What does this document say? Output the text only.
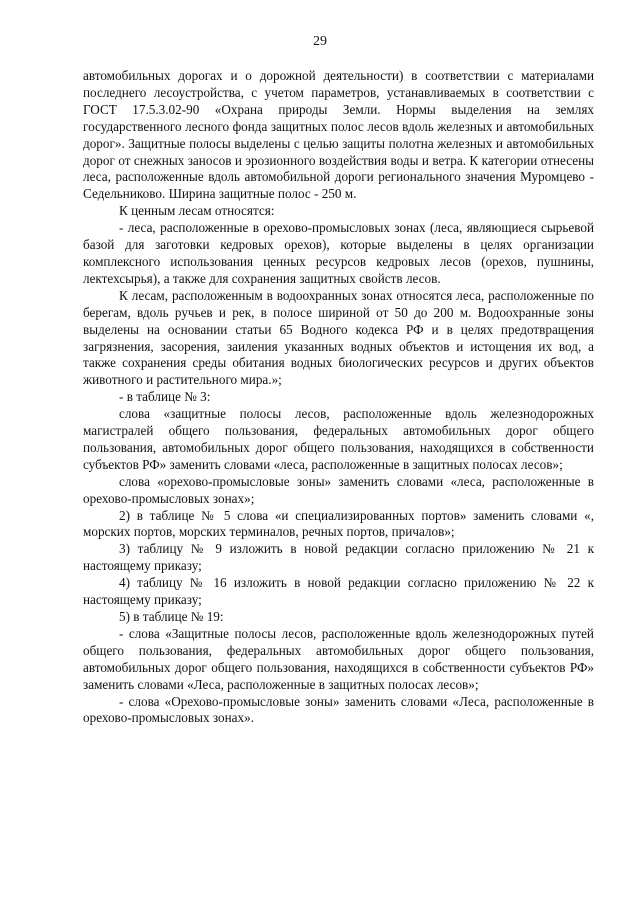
29

автомобильных дорогах и о дорожной деятельности) в соответствии с материалами последнего лесоустройства, с учетом параметров, устанавливаемых в соответствии с ГОСТ 17.5.3.02-90 «Охрана природы Земли. Нормы выделения на землях государственного лесного фонда защитных полос лесов вдоль железных и автомобильных дорог». Защитные полосы выделены с целью защиты полотна железных и автомобильных дорог от снежных заносов и эрозионного воздействия воды и ветра. К категории отнесены леса, расположенные вдоль автомобильной дороги регионального значения Муромцево - Седельниково. Ширина защитные полос - 250 м.

К ценным лесам относятся:

- леса, расположенные в орехово-промысловых зонах (леса, являющиеся сырьевой базой для заготовки кедровых орехов), которые выделены в целях организации комплексного использования ценных ресурсов кедровых лесов (орехов, пушнины, лектехсырья), а также для сохранения защитных свойств лесов.

К лесам, расположенным в водоохранных зонах относятся леса, расположенные по берегам, вдоль ручьев и рек, в полосе шириной от 50 до 200 м. Водоохранные зоны выделены на основании статьи 65 Водного кодекса РФ и в целях предотвращения загрязнения, засорения, заиления указанных водных объектов и истощения их вод, а также сохранения среды обитания водных биологических ресурсов и других объектов животного и растительного мира.»;

- в таблице № 3:

слова «защитные полосы лесов, расположенные вдоль железнодорожных магистралей общего пользования, федеральных автомобильных дорог общего пользования, автомобильных дорог общего пользования, находящихся в собственности субъектов РФ» заменить словами «леса, расположенные в защитных полосах лесов»;

слова «орехово-промысловые зоны» заменить словами «леса, расположенные в орехово-промысловых зонах»;

2) в таблице № 5 слова «и специализированных портов» заменить словами «, морских портов, морских терминалов, речных портов, причалов»;

3) таблицу № 9 изложить в новой редакции согласно приложению № 21 к настоящему приказу;

4) таблицу № 16 изложить в новой редакции согласно приложению № 22 к настоящему приказу;

5) в таблице № 19:

- слова «Защитные полосы лесов, расположенные вдоль железнодорожных путей общего пользования, федеральных автомобильных дорог общего пользования, автомобильных дорог общего пользования, находящихся в собственности субъектов РФ» заменить словами «Леса, расположенные в защитных полосах лесов»;

- слова «Орехово-промысловые зоны» заменить словами «Леса, расположенные в орехово-промысловых зонах».
